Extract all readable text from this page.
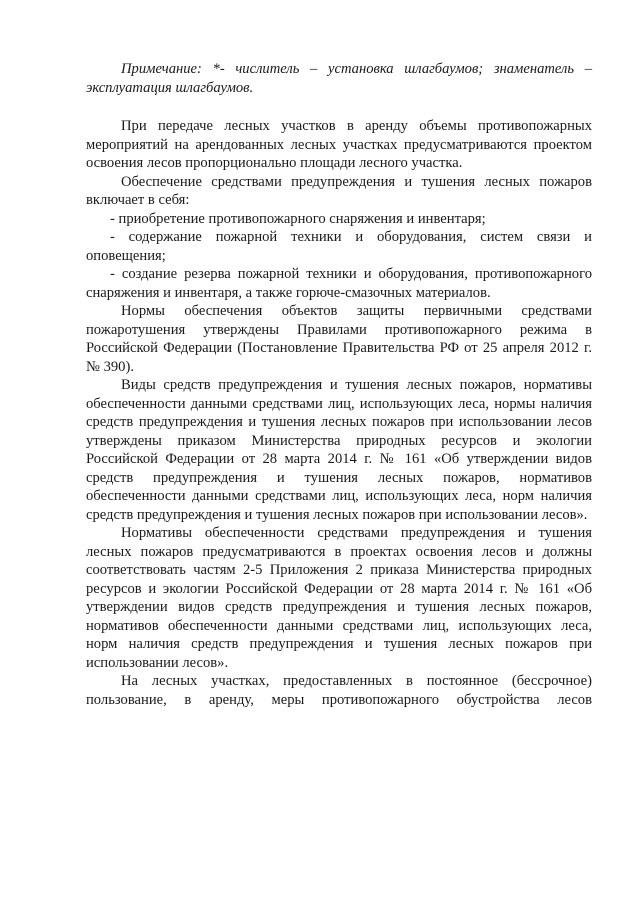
Примечание: *- числитель – установка шлагбаумов; знаменатель – эксплуатация шлагбаумов.

При передаче лесных участков в аренду объемы противопожарных мероприятий на арендованных лесных участках предусматриваются проектом освоения лесов пропорционально площади лесного участка.

Обеспечение средствами предупреждения и тушения лесных пожаров включает в себя:

- приобретение противопожарного снаряжения и инвентаря;

- содержание пожарной техники и оборудования, систем связи и оповещения;

- создание резерва пожарной техники и оборудования, противопожарного снаряжения и инвентаря, а также горюче-смазочных материалов.

Нормы обеспечения объектов защиты первичными средствами пожаротушения утверждены Правилами противопожарного режима в Российской Федерации (Постановление Правительства РФ от 25 апреля 2012 г. № 390).

Виды средств предупреждения и тушения лесных пожаров, нормативы обеспеченности данными средствами лиц, использующих леса, нормы наличия средств предупреждения и тушения лесных пожаров при использовании лесов утверждены приказом Министерства природных ресурсов и экологии Российской Федерации от 28 марта 2014 г. № 161 «Об утверждении видов средств предупреждения и тушения лесных пожаров, нормативов обеспеченности данными средствами лиц, использующих леса, норм наличия средств предупреждения и тушения лесных пожаров при использовании лесов».

Нормативы обеспеченности средствами предупреждения и тушения лесных пожаров предусматриваются в проектах освоения лесов и должны соответствовать частям 2-5 Приложения 2 приказа Министерства природных ресурсов и экологии Российской Федерации от 28 марта 2014 г. № 161 «Об утверждении видов средств предупреждения и тушения лесных пожаров, нормативов обеспеченности данными средствами лиц, использующих леса, норм наличия средств предупреждения и тушения лесных пожаров при использовании лесов».

На лесных участках, предоставленных в постоянное (бессрочное) пользование, в аренду, меры противопожарного обустройства лесов
